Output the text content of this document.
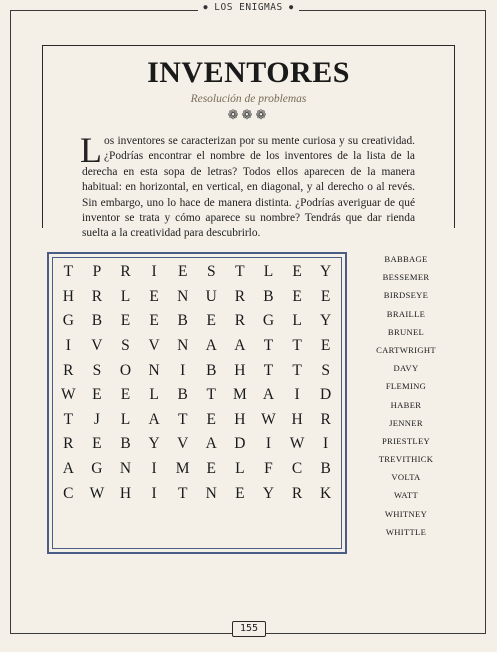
● LOS ENIGMAS ●
INVENTORES
Resolución de problemas
❁❁❁

Los inventores se caracterizan por su mente curiosa y su creatividad. ¿Podrías encontrar el nombre de los inventores de la lista de la derecha en esta sopa de letras? Todos ellos aparecen de la manera habitual: en horizontal, en vertical, en diagonal, y al derecho o al revés. Sin embargo, uno lo hace de manera distinta. ¿Podrías averiguar de qué inventor se trata y cómo aparece su nombre? Tendrás que dar rienda suelta a la creatividad para descubrirlo.

T	P	R	I	E	S	T	L	E	Y
H	R	L	E	N	U	R	B	E	E
G	B	E	E	B	E	R	G	L	Y
I	V	S	V	N	A	A	T	T	E
R	S	O	N	I	B	H	T	T	S
W	E	E	L	B	T	M	A	I	D
T	J	L	A	T	E	H	W	H	R
R	E	B	Y	V	A	D	I	W	I
A	G	N	I	M	E	L	F	C	B
C	W	H	I	T	N	E	Y	R	K
BABBAGE
BESSEMER
BIRDSEYE
BRAILLE
BRUNEL
CARTWRIGHT
DAVY
FLEMING
HABER
JENNER
PRIESTLEY
TREVITHICK
VOLTA
WATT
WHITNEY
WHITTLE
155
